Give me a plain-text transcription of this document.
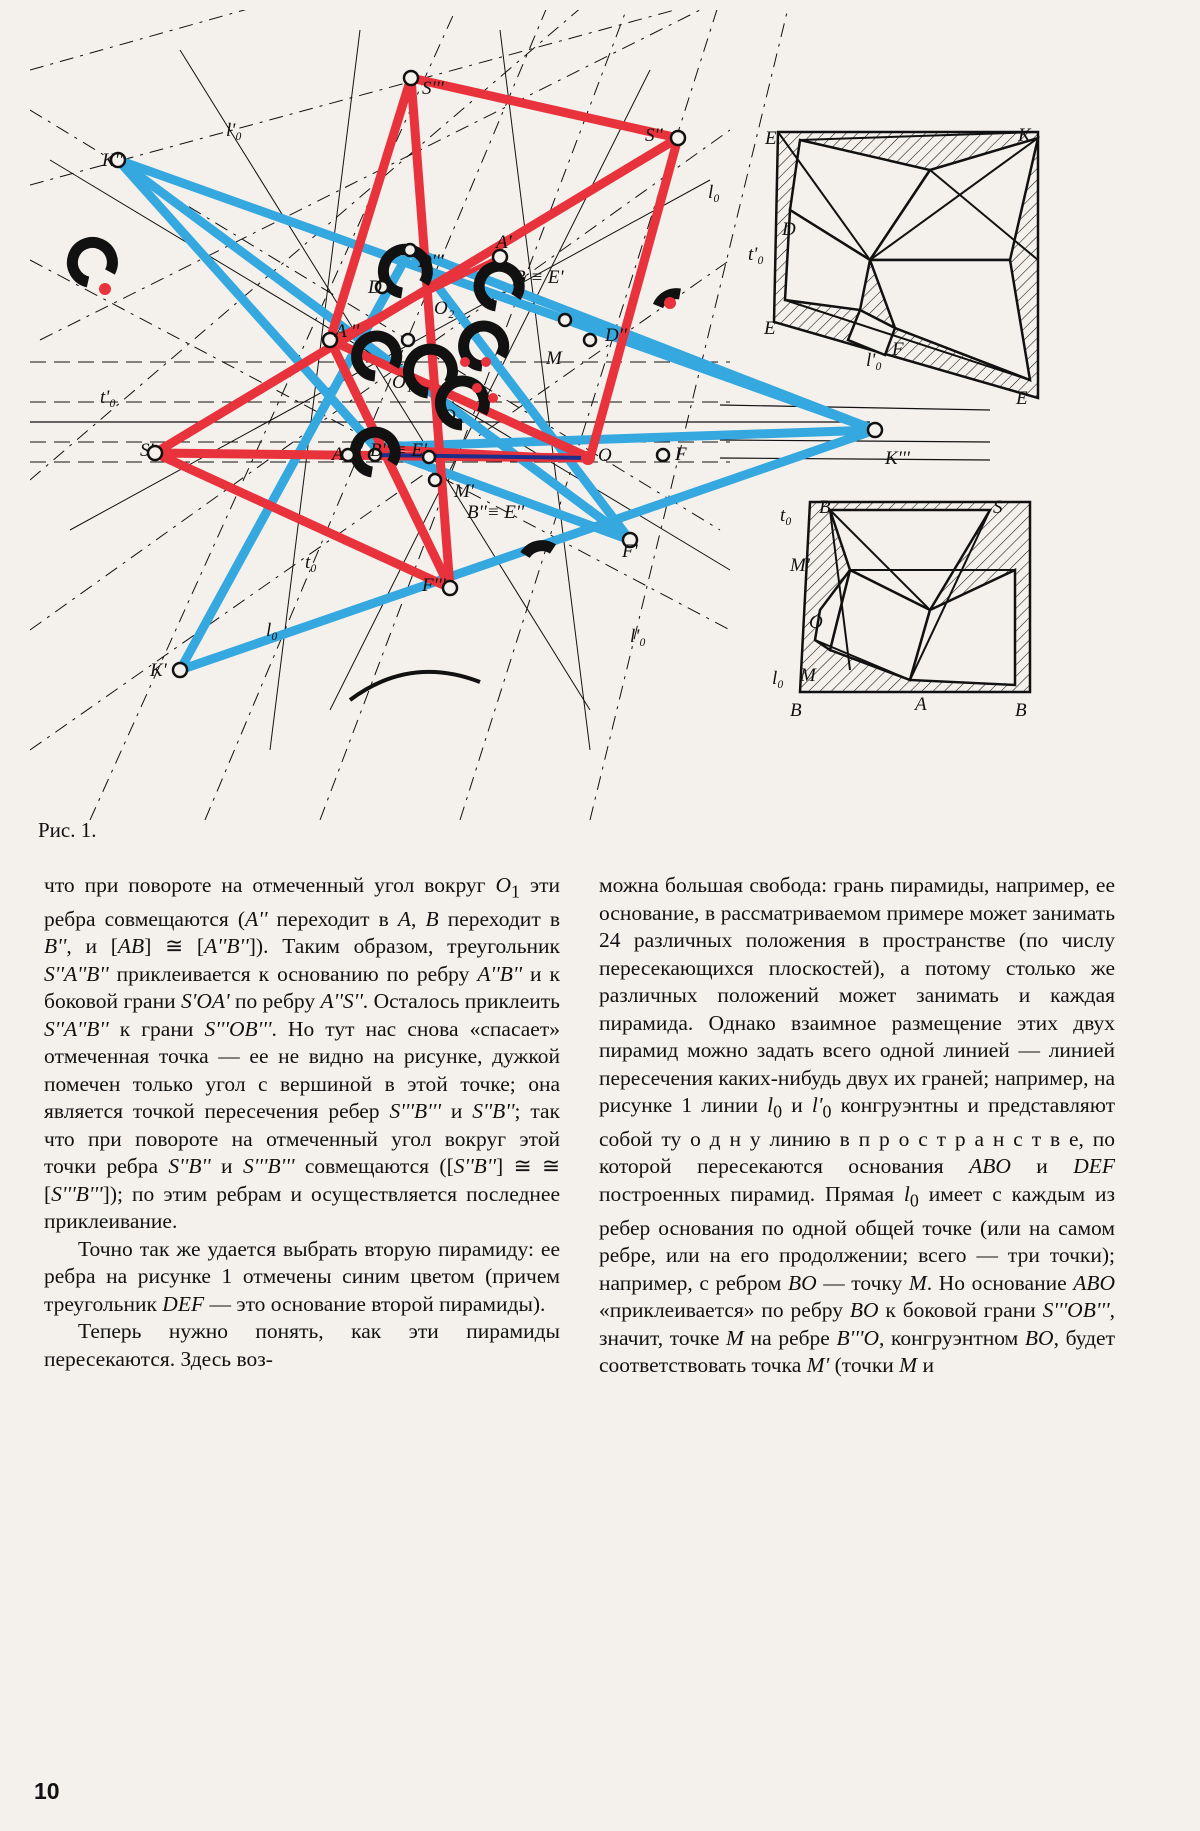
S'''
S''
l'₀
l₀
K''
A'
D'''
B ≡ E'
D
O₂
A ''	D''
M
O₁
t'₀
O₃
S'	A B'''≡ E'	O	F	K'''
M'
B''≡ E''
F'
t₀
F'''
l₀	l'₀
K'
E	K
D
t'₀
E
F
l'₀
E
t₀ B	S
M'
O
l₀ M
B	A	B
Рис. 1.

что при повороте на отмеченный угол вокруг $O_1$ эти ребра совмещаются (A'' переходит в A, B переходит в B'', и [AB] ≅ [A''B'']). Таким образом, треугольник S''A''B'' приклеивается к основанию по ребру A''B'' и к боковой грани S'OA' по ребру A''S''. Осталось приклеить S''A''B'' к грани S'''OB'''. Но тут нас снова «спасает» отмеченная точка — ее не видно на рисунке, дужкой помечен только угол с вершиной в этой точке; она является точкой пересечения ребер S'''B''' и S''B''; так что при повороте на отмеченный угол вокруг этой точки ребра S''B'' и S'''B''' совмещаются ([S''B''] ≅ ≅ [S'''B''']); по этим ребрам и осуществляется последнее приклеивание.

Точно так же удается выбрать вторую пирамиду: ее ребра на рисунке 1 отмечены синим цветом (причем треугольник DEF — это основание второй пирамиды).

Теперь нужно понять, как эти пирамиды пересекаются. Здесь воз-

можна большая свобода: грань пирамиды, например, ее основание, в рассматриваемом примере может занимать 24 различных положения в пространстве (по числу пересекающихся плоскостей), а потому столько же различных положений может занимать и каждая пирамида. Однако взаимное размещение этих двух пирамид можно задать всего одной линией — линией пересечения каких-нибудь двух их граней; например, на рисунке 1 линии $l_0$ и $l'_0$ конгруэнтны и представляют собой ту о д н у линию в п р о с т р а н с т в е, по которой пересекаются основания ABO и DEF построенных пирамид. Прямая $l_0$ имеет с каждым из ребер основания по одной общей точке (или на самом ребре, или на его продолжении; всего — три точки); например, с ребром BO — точку M. Но основание ABO «приклеивается» по ребру BO к боковой грани S'''OB''', значит, точке M на ребре B'''O, конгруэнтном BO, будет соответствовать точка M' (точки M и

10
